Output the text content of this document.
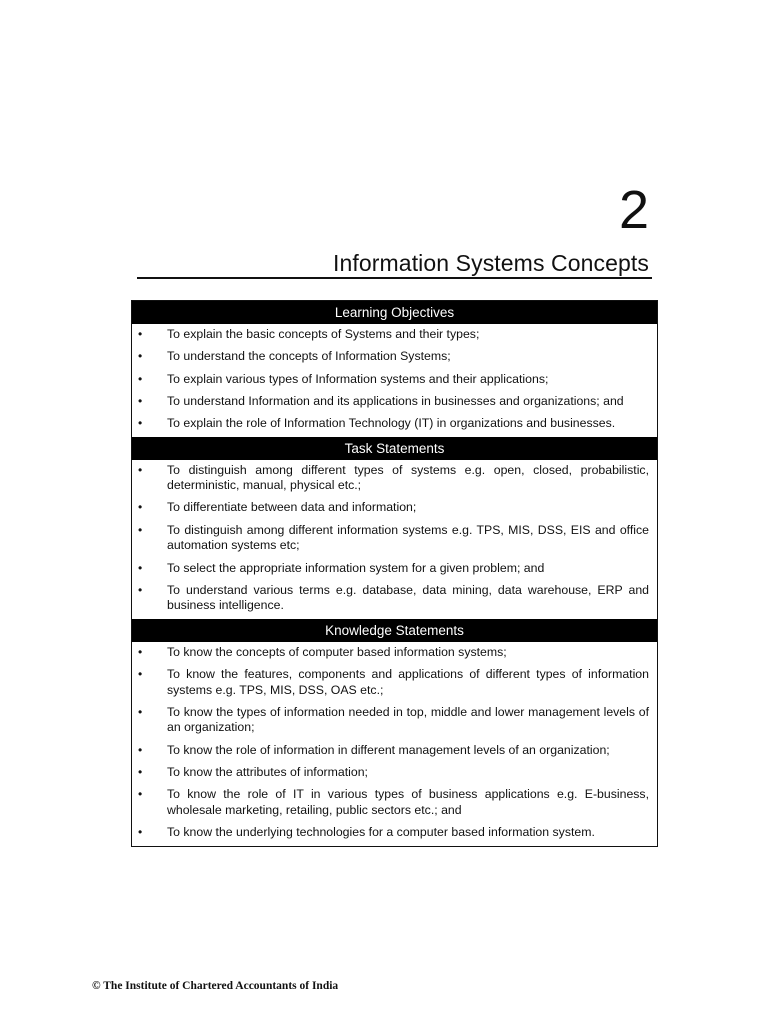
2
Information Systems Concepts
Learning Objectives
• To explain the basic concepts of Systems and their types;
• To understand the concepts of Information Systems;
• To explain various types of Information systems and their applications;
• To understand Information and its applications in businesses and organizations; and
• To explain the role of Information Technology (IT) in organizations and businesses.
Task Statements
• To distinguish among different types of systems e.g. open, closed, probabilistic, deterministic, manual, physical etc.;
• To differentiate between data and information;
• To distinguish among different information systems e.g. TPS, MIS, DSS, EIS and office automation systems etc;
• To select the appropriate information system for a given problem; and
• To understand various terms e.g. database, data mining, data warehouse, ERP and business intelligence.
Knowledge Statements
• To know the concepts of computer based information systems;
• To know the features, components and applications of different types of information systems e.g. TPS, MIS, DSS, OAS etc.;
• To know the types of information needed in top, middle and lower management levels of an organization;
• To know the role of information in different management levels of an organization;
• To know the attributes of information;
• To know the role of IT in various types of business applications e.g. E-business, wholesale marketing, retailing, public sectors etc.; and
• To know the underlying technologies for a computer based information system.
© The Institute of Chartered Accountants of India
